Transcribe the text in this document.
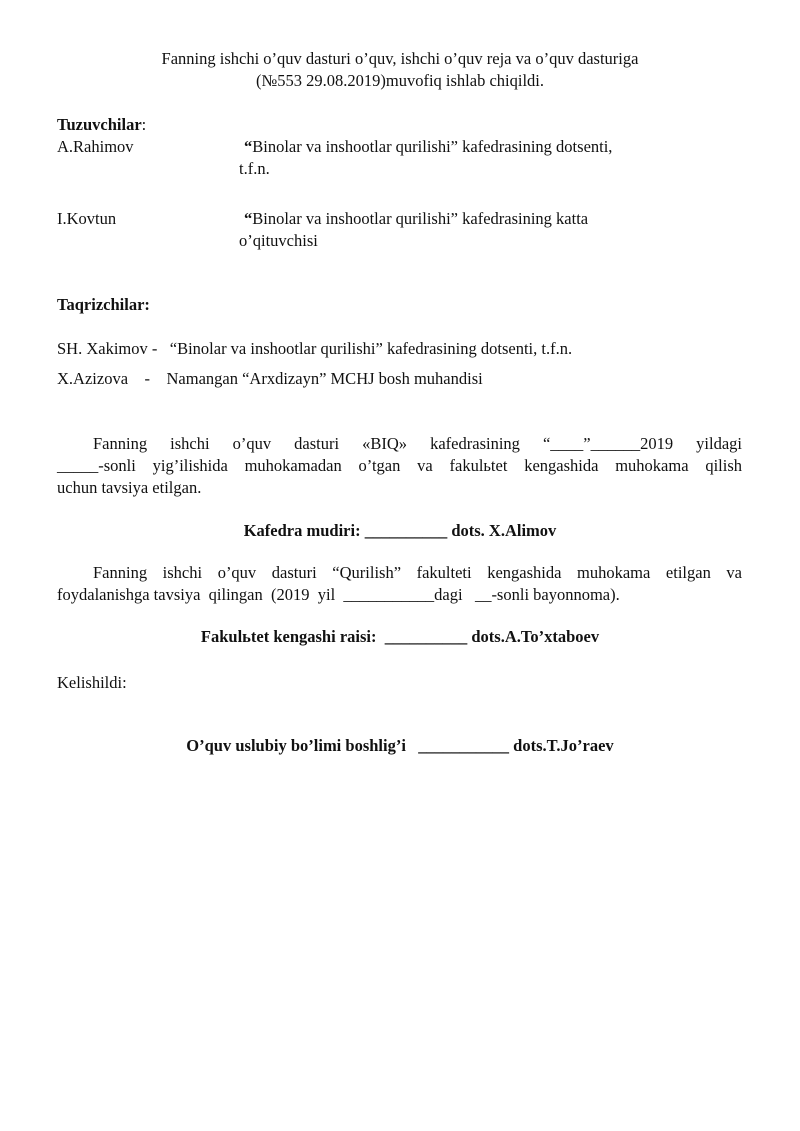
Fanning ishchi o’quv dasturi o’quv, ishchi o’quv reja va o’quv dasturiga
(№553 29.08.2019)muvofiq ishlab chiqildi.
Tuzuvchilar:
A.Rahimov	“Binolar va inshootlar qurilishi” kafedrasining dotsenti,
t.f.n.
I.Kovtun	“Binolar va inshootlar qurilishi” kafedrasining katta
o’qituvchisi
Taqrizchilar:
SH. Xakimov -   “Binolar va inshootlar qurilishi” kafedrasining dotsenti, t.f.n.
X.Azizova    -    Namangan “Arxdizayn” MCHJ bosh muhandisi
Fanning ishchi o’quv dasturi «BIQ» kafedrasining “____”______2019 yildagi
_____-sonli yig’ilishida muhokamadan o’tgan va fakulьtet kengashida muhokama qilish
uchun tavsiya etilgan.
Kafedra mudiri: __________ dots. X.Alimov
Fanning ishchi o’quv dasturi “Qurilish” fakulteti kengashida muhokama etilgan va
foydalanishga tavsiya  qilingan  (2019  yil  ___________dagi   __-sonli bayonnoma).
Fakulьtet kengashi raisi:  __________ dots.A.To’xtaboev
Kelishildi:
O’quv uslubiy bo’limi boshlig’i   ___________ dots.T.Jo’raev
